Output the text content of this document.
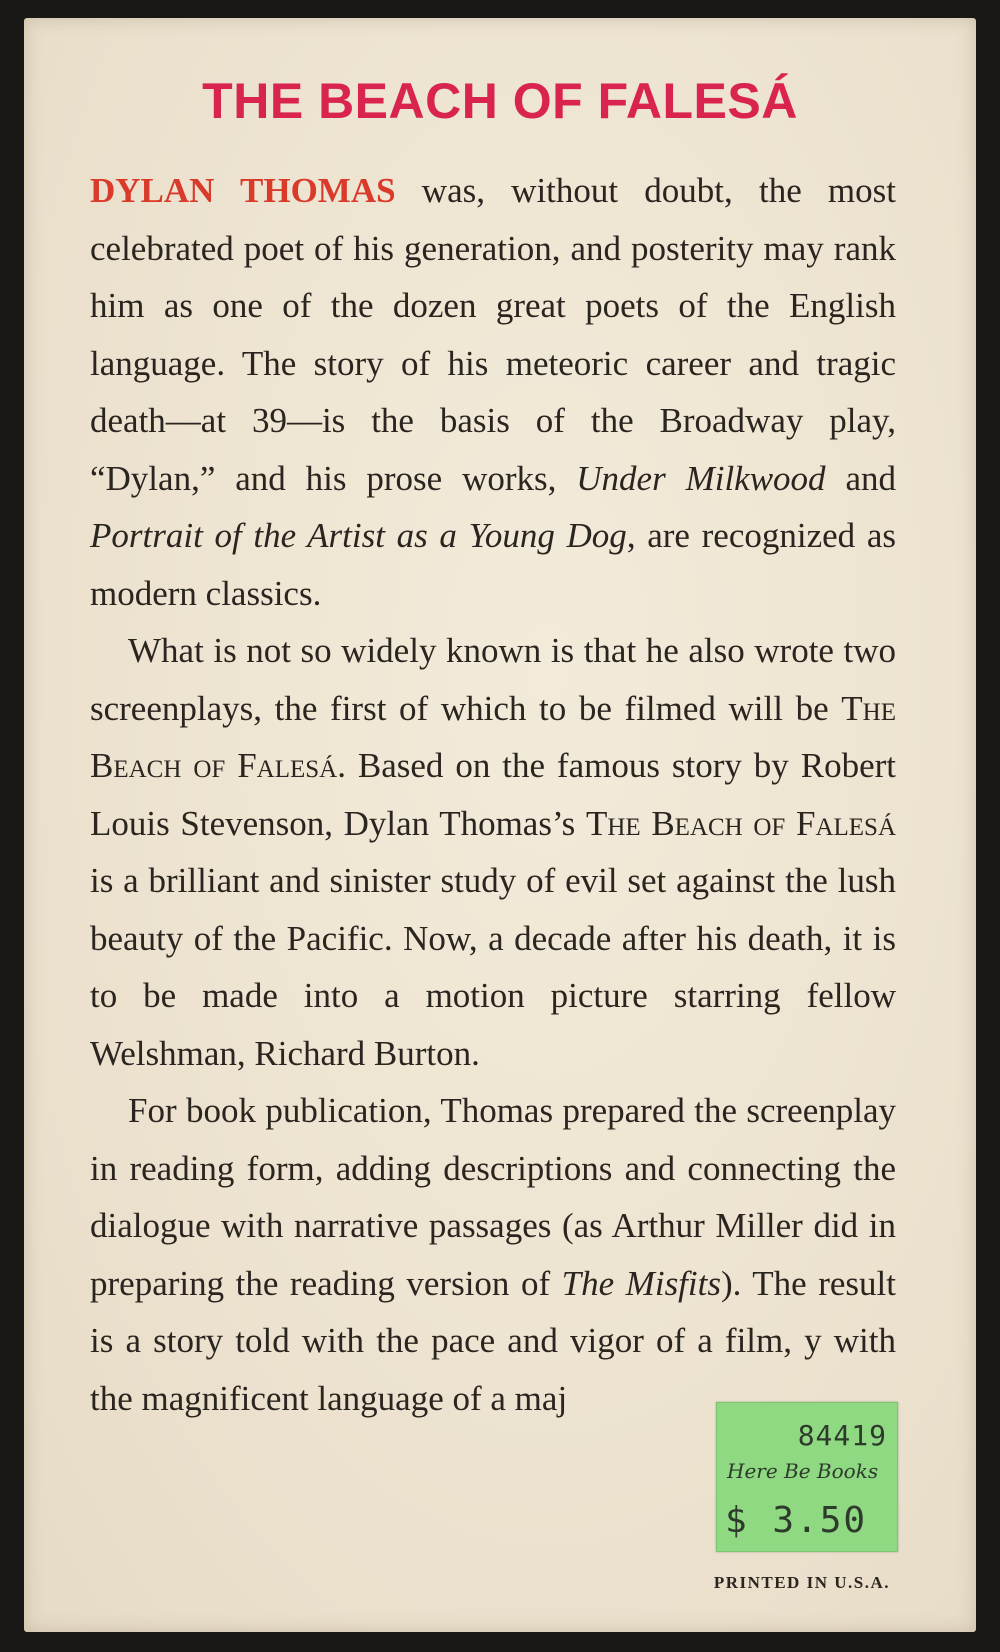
THE BEACH OF FALESÁ

DYLAN THOMAS was, without doubt, the most celebrated poet of his generation, and posterity may rank him as one of the dozen great poets of the English language. The story of his meteoric career and tragic death—at 39—is the basis of the Broadway play, “Dylan,” and his prose works, Under Milkwood and Portrait of the Artist as a Young Dog, are recognized as modern classics.

What is not so widely known is that he also wrote two screenplays, the first of which to be filmed will be The Beach of Falesá. Based on the famous story by Robert Louis Stevenson, Dylan Thomas’s The Beach of Falesá is a brilliant and sinister study of evil set against the lush beauty of the Pacific. Now, a decade after his death, it is to be made into a motion picture starring fellow Welshman, Richard Burton.

For book publication, Thomas prepared the screenplay in reading form, adding descriptions and connecting the dialogue with narrative passages (as Arthur Miller did in preparing the reading version of The Misfits). The result is a story told with the pace and vigor of a film, y with the magnificent language of a maj

84419
Here Be Books
$ 3.50
PRINTED IN U.S.A.
